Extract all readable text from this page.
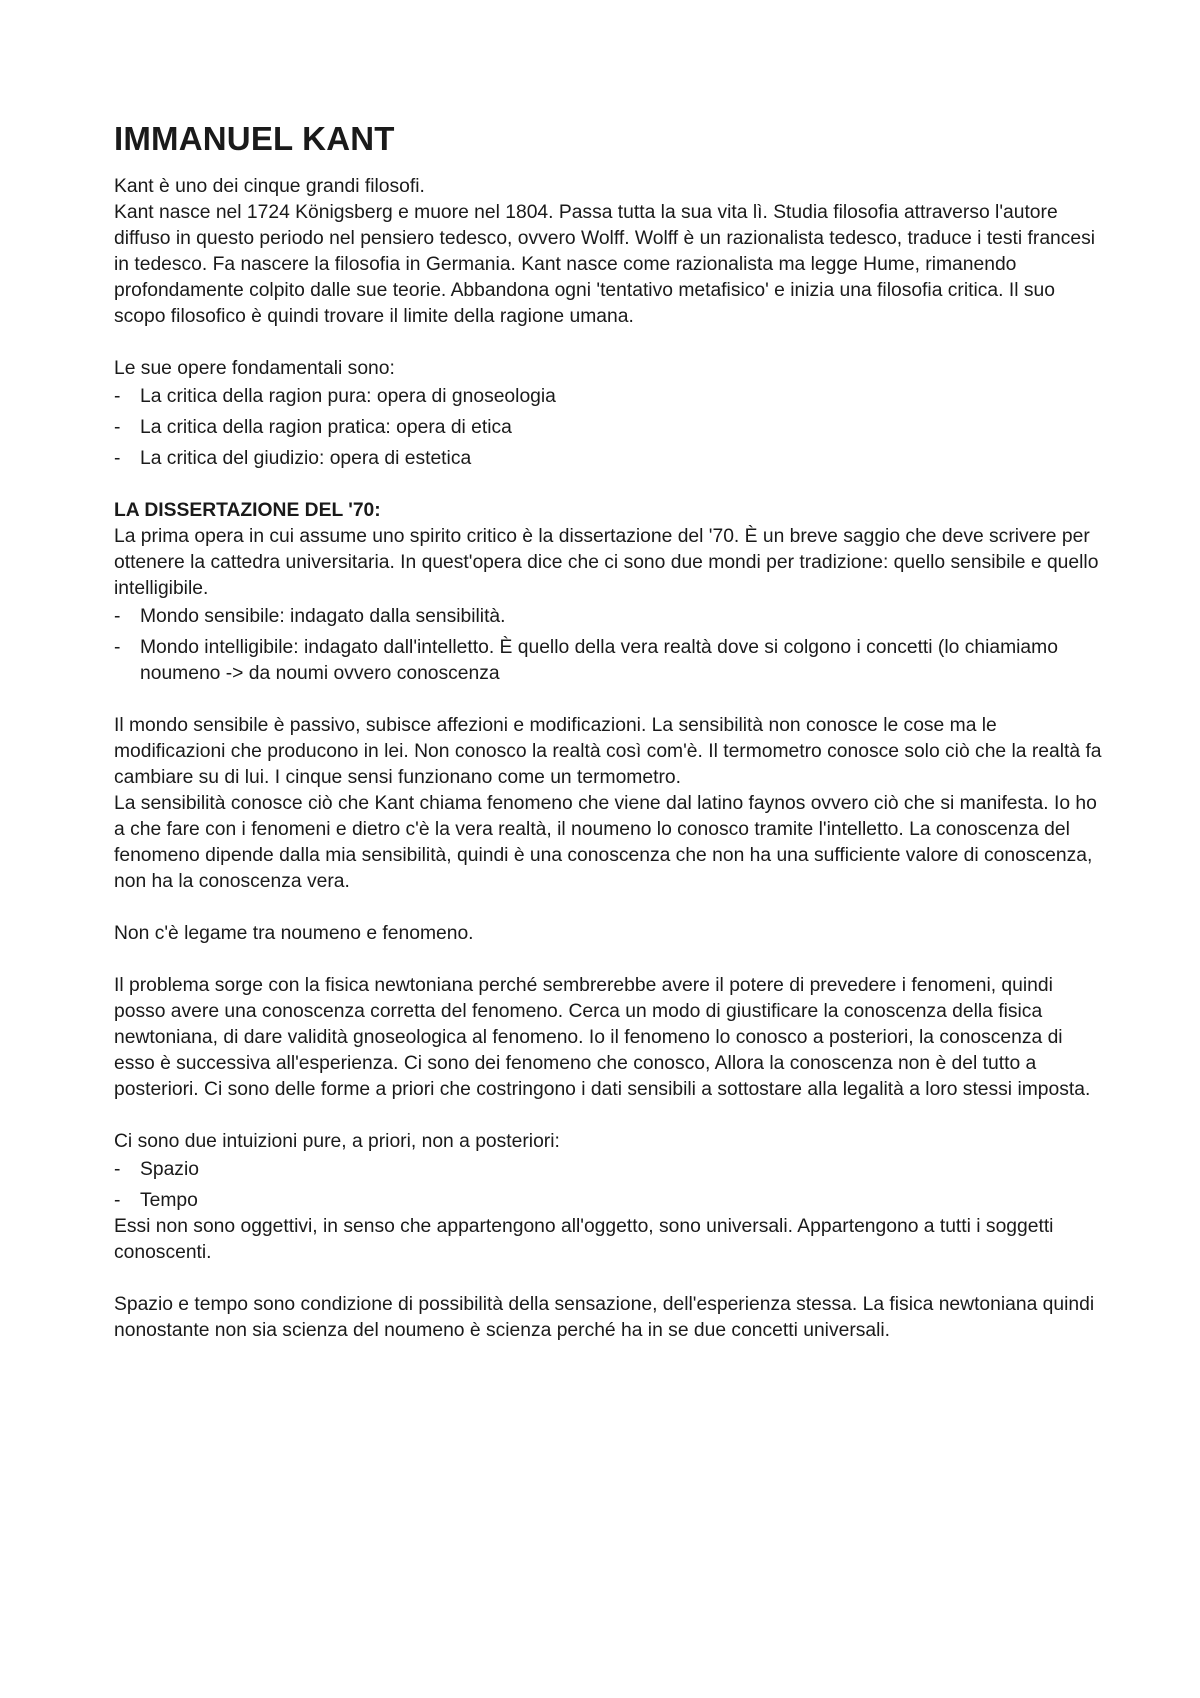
IMMANUEL KANT

Kant è uno dei cinque grandi filosofi.

Kant nasce nel 1724 Königsberg e muore nel 1804. Passa tutta la sua vita lì. Studia filosofia attraverso l'autore diffuso in questo periodo nel pensiero tedesco, ovvero Wolff. Wolff è un razionalista tedesco, traduce i testi francesi in tedesco. Fa nascere la filosofia in Germania. Kant nasce come razionalista ma legge Hume, rimanendo profondamente colpito dalle sue teorie. Abbandona ogni 'tentativo metafisico' e inizia una filosofia critica. Il suo scopo filosofico è quindi trovare il limite della ragione umana.

Le sue opere fondamentali sono:

- La critica della ragion pura: opera di gnoseologia
- La critica della ragion pratica: opera di etica
- La critica del giudizio: opera di estetica

LA DISSERTAZIONE DEL '70:

La prima opera in cui assume uno spirito critico è la dissertazione del '70. È un breve saggio che deve scrivere per ottenere la cattedra universitaria. In quest'opera dice che ci sono due mondi per tradizione: quello sensibile e quello intelligibile.

- Mondo sensibile: indagato dalla sensibilità.
- Mondo intelligibile: indagato dall'intelletto. È quello della vera realtà dove si colgono i concetti (lo chiamiamo noumeno -> da noumi ovvero conoscenza

Il mondo sensibile è passivo, subisce affezioni e modificazioni. La sensibilità non conosce le cose ma le modificazioni che producono in lei. Non conosco la realtà così com'è. Il termometro conosce solo ciò che la realtà fa cambiare su di lui. I cinque sensi funzionano come un termometro.

La sensibilità conosce ciò che Kant chiama fenomeno che viene dal latino faynos ovvero ciò che si manifesta. Io ho a che fare con i fenomeni e dietro c'è la vera realtà, il noumeno lo conosco tramite l'intelletto. La conoscenza del fenomeno dipende dalla mia sensibilità, quindi è una conoscenza che non ha una sufficiente valore di conoscenza, non ha la conoscenza vera.

Non c'è legame tra noumeno e fenomeno.

Il problema sorge con la fisica newtoniana perché sembrerebbe avere il potere di prevedere i fenomeni, quindi posso avere una conoscenza corretta del fenomeno. Cerca un modo di giustificare la conoscenza della fisica newtoniana, di dare validità gnoseologica al fenomeno. Io il fenomeno lo conosco a posteriori, la conoscenza di esso è successiva all'esperienza. Ci sono dei fenomeno che conosco, Allora la conoscenza non è del tutto a posteriori. Ci sono delle forme a priori che costringono i dati sensibili a sottostare alla legalità a loro stessi imposta.

Ci sono due intuizioni pure, a priori, non a posteriori:

- Spazio
- Tempo

Essi non sono oggettivi, in senso che appartengono all'oggetto, sono universali. Appartengono a tutti i soggetti conoscenti.

Spazio e tempo sono condizione di possibilità della sensazione, dell'esperienza stessa. La fisica newtoniana quindi nonostante non sia scienza del noumeno è scienza perché ha in se due concetti universali.
